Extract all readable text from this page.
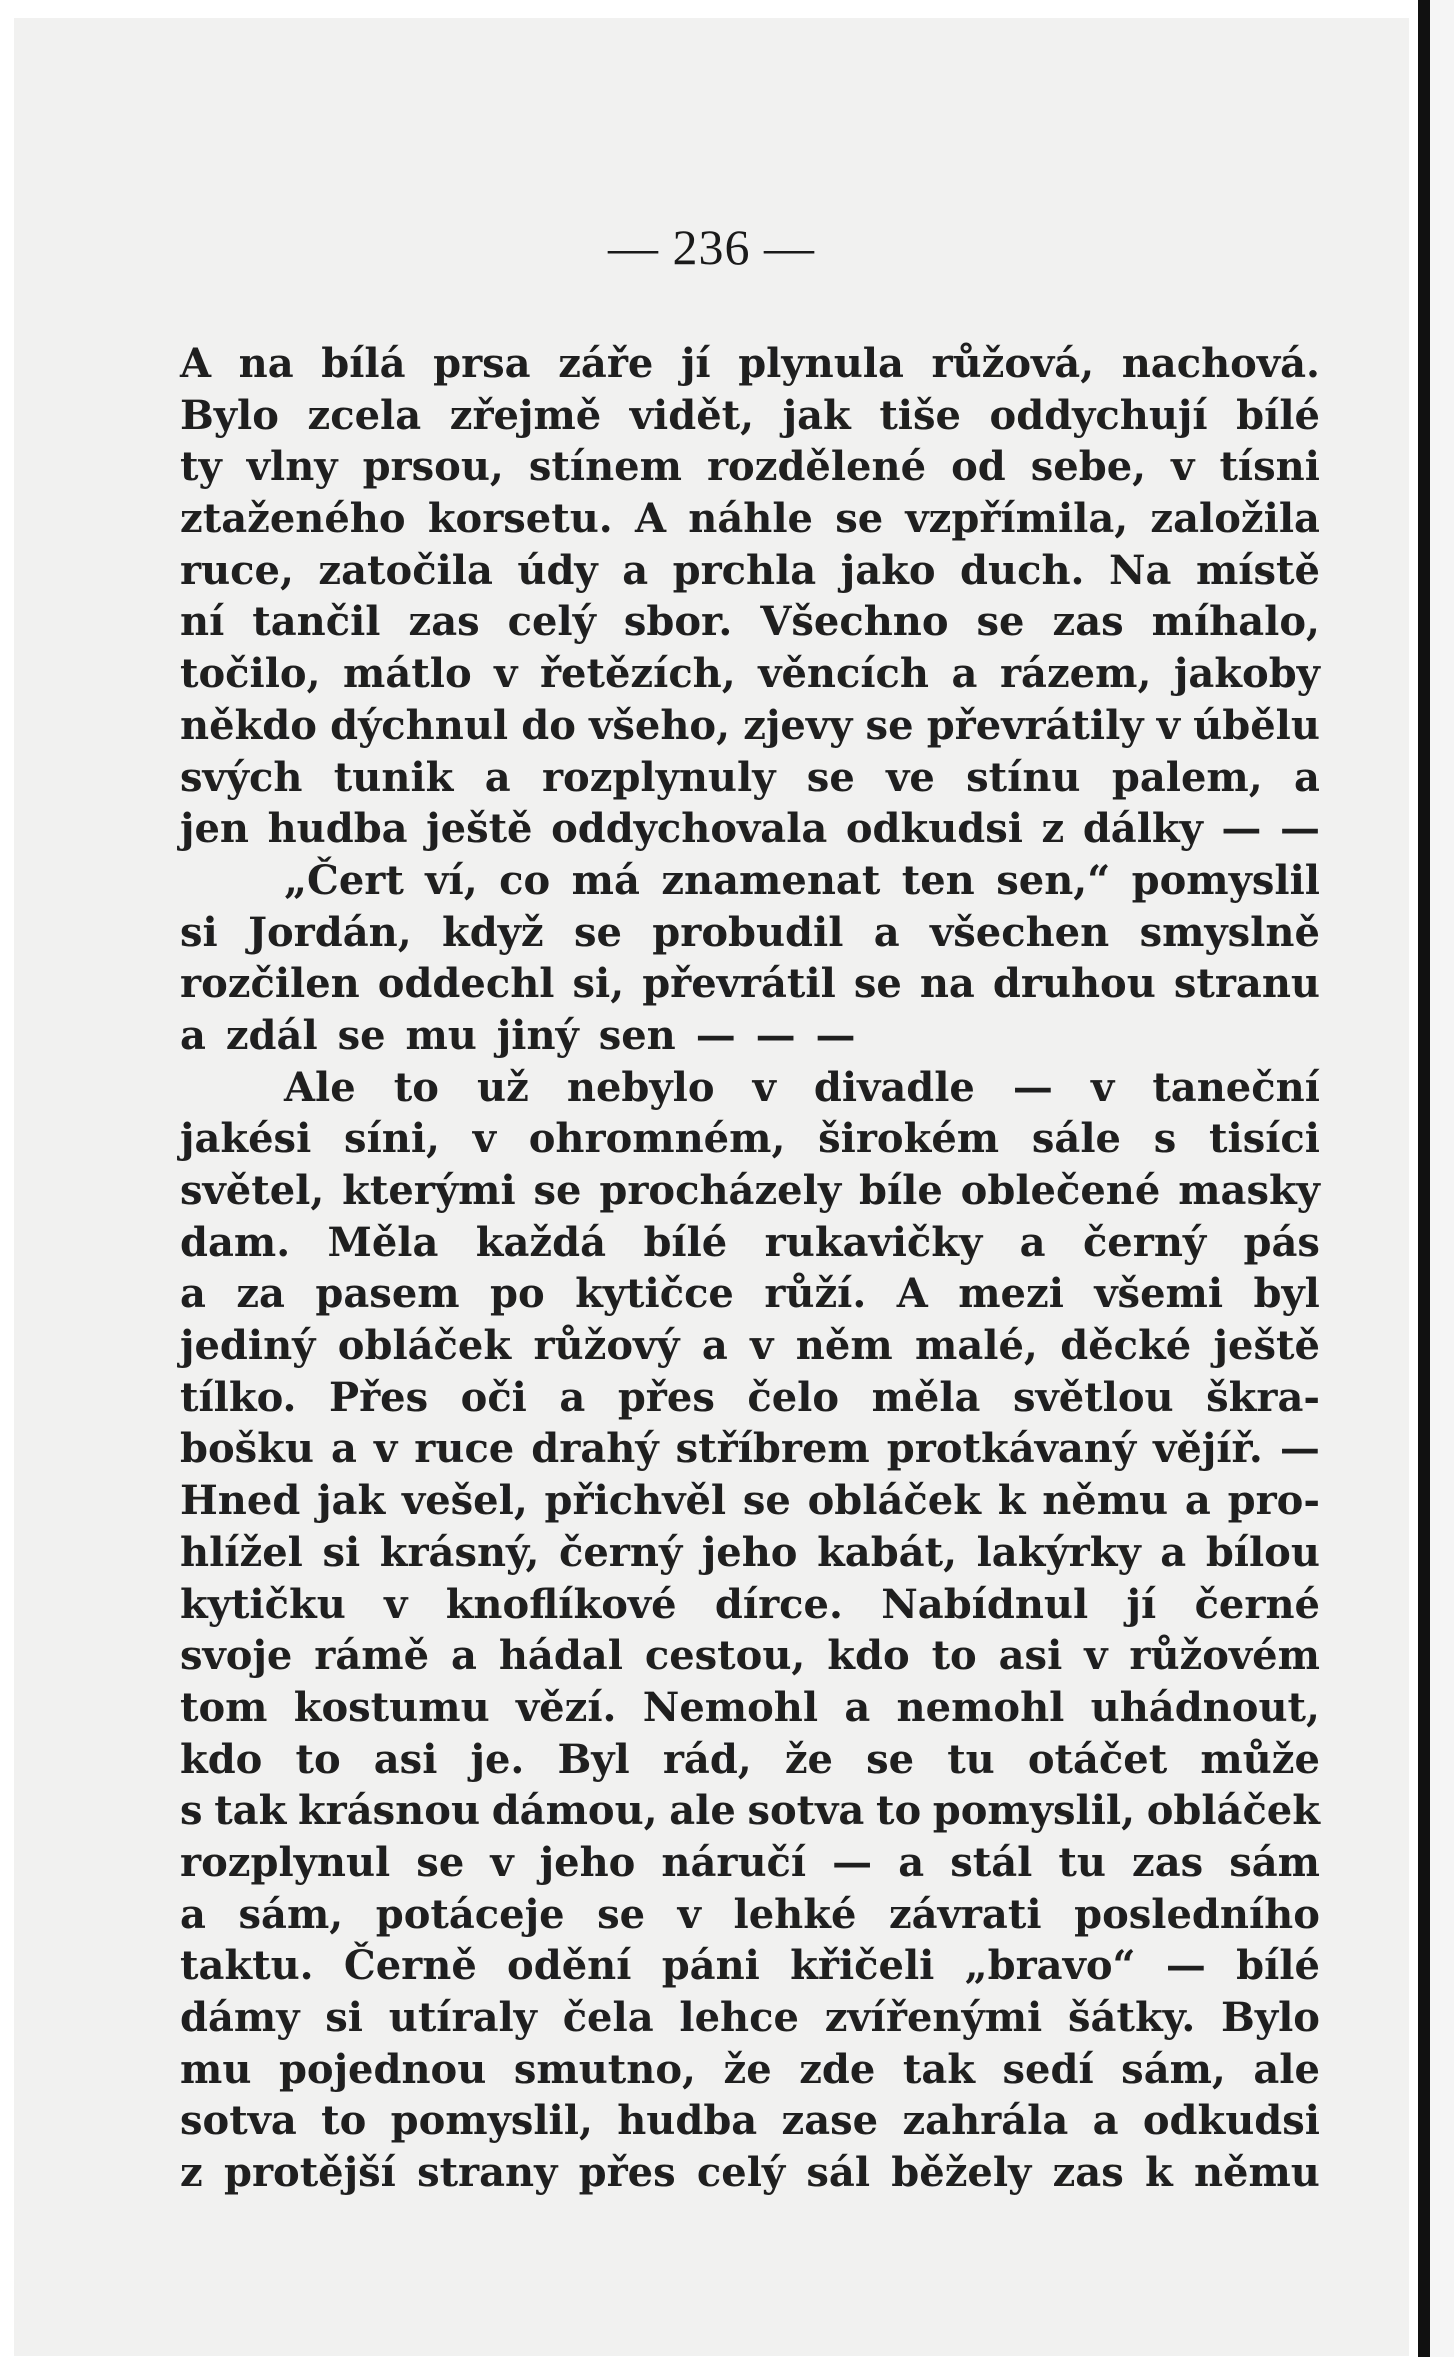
— 236 —
A na bílá prsa záře jí plynula růžová, nachová.
Bylo zcela zřejmě vidět, jak tiše oddychují bílé
ty vlny prsou, stínem rozdělené od sebe, v tísni
ztaženého korsetu. A náhle se vzpřímila, založila
ruce, zatočila údy a prchla jako duch. Na místě
ní tančil zas celý sbor. Všechno se zas míhalo,
točilo, mátlo v řetězích, věncích a rázem, jakoby
někdo dýchnul do všeho, zjevy se převrátily v úbělu
svých tunik a rozplynuly se ve stínu palem, a
jen hudba ještě oddychovala odkudsi z dálky — —
„Čert ví, co má znamenat ten sen,“ pomyslil
si Jordán, když se probudil a všechen smyslně
rozčilen oddechl si, převrátil se na druhou stranu
a zdál se mu jiný sen — — —
Ale to už nebylo v divadle — v taneční
jakési síni, v ohromném, širokém sále s tisíci
světel, kterými se procházely bíle oblečené masky
dam. Měla každá bílé rukavičky a černý pás
a za pasem po kytičce růží. A mezi všemi byl
jediný obláček růžový a v něm malé, děcké ještě
tílko. Přes oči a přes čelo měla světlou škra-
bošku a v ruce drahý stříbrem protkávaný vějíř. —
Hned jak vešel, přichvěl se obláček k němu a pro-
hlížel si krásný, černý jeho kabát, lakýrky a bílou
kytičku v knoflíkové dírce. Nabídnul jí černé
svoje rámě a hádal cestou, kdo to asi v růžovém
tom kostumu vězí. Nemohl a nemohl uhádnout,
kdo to asi je. Byl rád, že se tu otáčet může
s tak krásnou dámou, ale sotva to pomyslil, obláček
rozplynul se v jeho náručí — a stál tu zas sám
a sám, potáceje se v lehké závrati posledního
taktu. Černě odění páni křičeli „bravo“ — bílé
dámy si utíraly čela lehce zvířenými šátky. Bylo
mu pojednou smutno, že zde tak sedí sám, ale
sotva to pomyslil, hudba zase zahrála a odkudsi
z protější strany přes celý sál běžely zas k němu
